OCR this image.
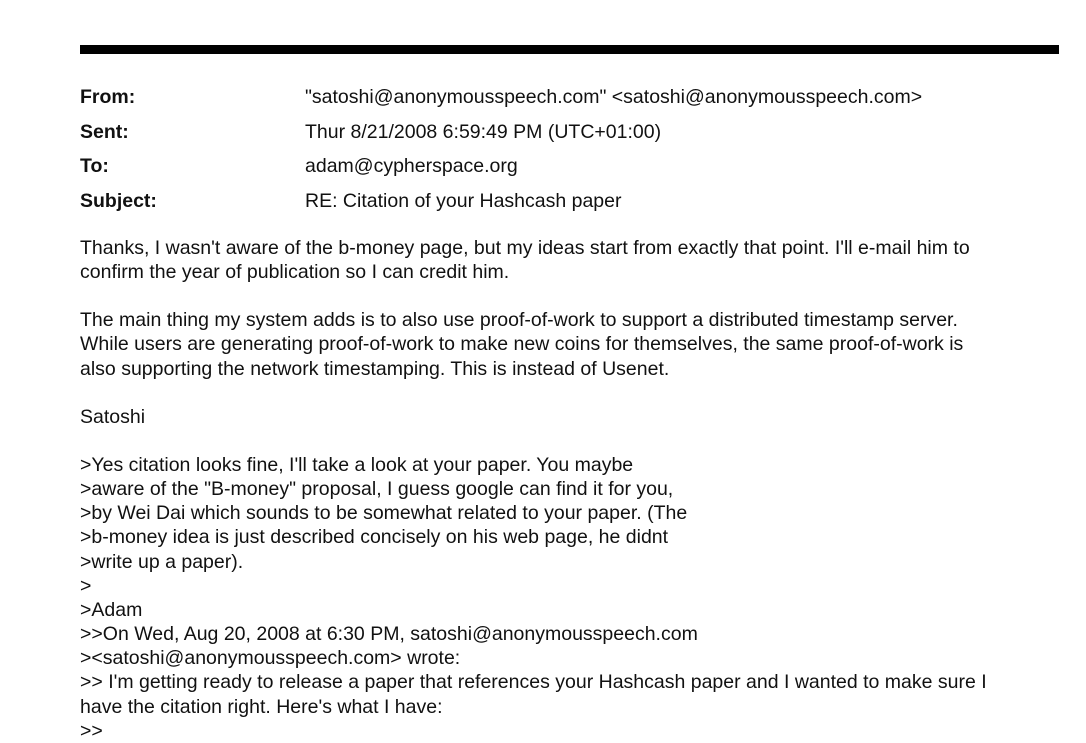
From:	"satoshi@anonymousspeech.com" <satoshi@anonymousspeech.com>
Sent:	Thur 8/21/2008 6:59:49 PM (UTC+01:00)
To:	adam@cypherspace.org
Subject:	RE: Citation of your Hashcash paper
Thanks, I wasn't aware of the b-money page, but my ideas start from exactly that point. I'll e-mail him to
confirm the year of publication so I can credit him.
The main thing my system adds is to also use proof-of-work to support a distributed timestamp server.
While users are generating proof-of-work to make new coins for themselves, the same proof-of-work is
also supporting the network timestamping. This is instead of Usenet.
Satoshi
>Yes citation looks fine, I'll take a look at your paper. You maybe
>aware of the "B-money" proposal, I guess google can find it for you,
>by Wei Dai which sounds to be somewhat related to your paper. (The
>b-money idea is just described concisely on his web page, he didnt
>write up a paper).
>
>Adam
>>On Wed, Aug 20, 2008 at 6:30 PM, satoshi@anonymousspeech.com
><satoshi@anonymousspeech.com> wrote:
>> I'm getting ready to release a paper that references your Hashcash paper and I wanted to make sure I
have the citation right. Here's what I have:
>>
